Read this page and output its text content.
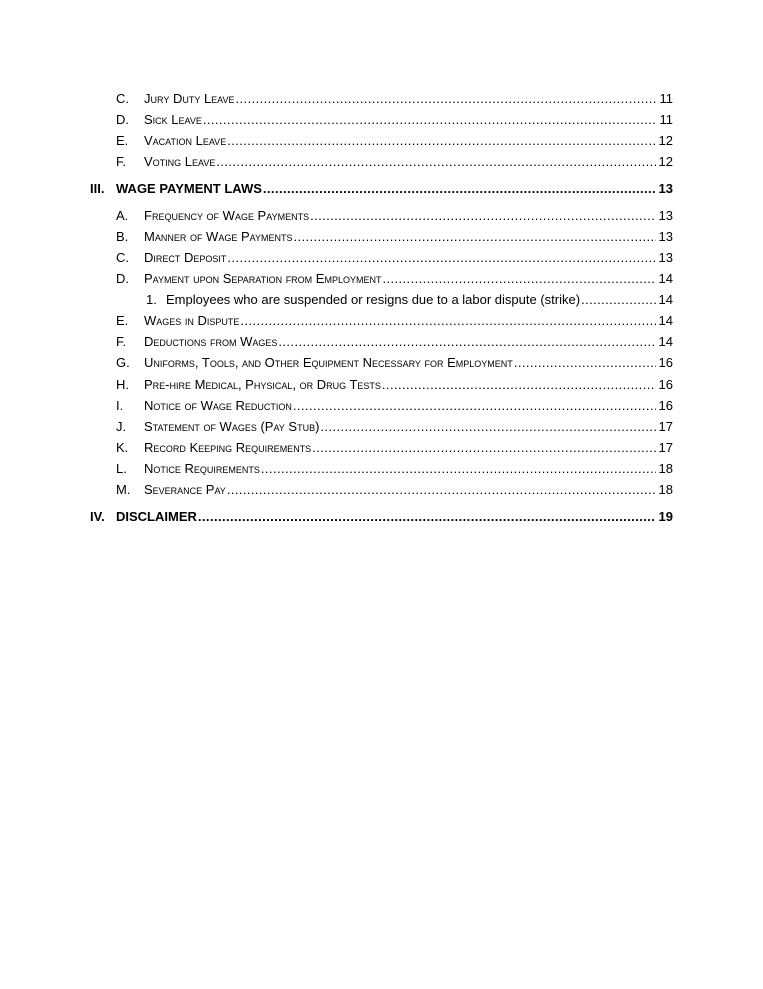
C. Jury Duty Leave .....	11
D. Sick Leave .....	11
E. Vacation Leave .....	12
F. Voting Leave .....	12
III. WAGE PAYMENT LAWS .....	13
A. Frequency of Wage Payments .....	13
B. Manner of Wage Payments .....	13
C. Direct Deposit .....	13
D. Payment upon Separation from Employment .....	14
1. Employees who are suspended or resigns due to a labor dispute (strike) .....	14
E. Wages in Dispute .....	14
F. Deductions from Wages .....	14
G. Uniforms, Tools, and Other Equipment Necessary for Employment .....	16
H. Pre-hire Medical, Physical, or Drug Tests .....	16
I. Notice of Wage Reduction .....	16
J. Statement of Wages (Pay Stub) .....	17
K. Record Keeping Requirements .....	17
L. Notice Requirements .....	18
M. Severance Pay .....	18
IV. DISCLAIMER .....	19
